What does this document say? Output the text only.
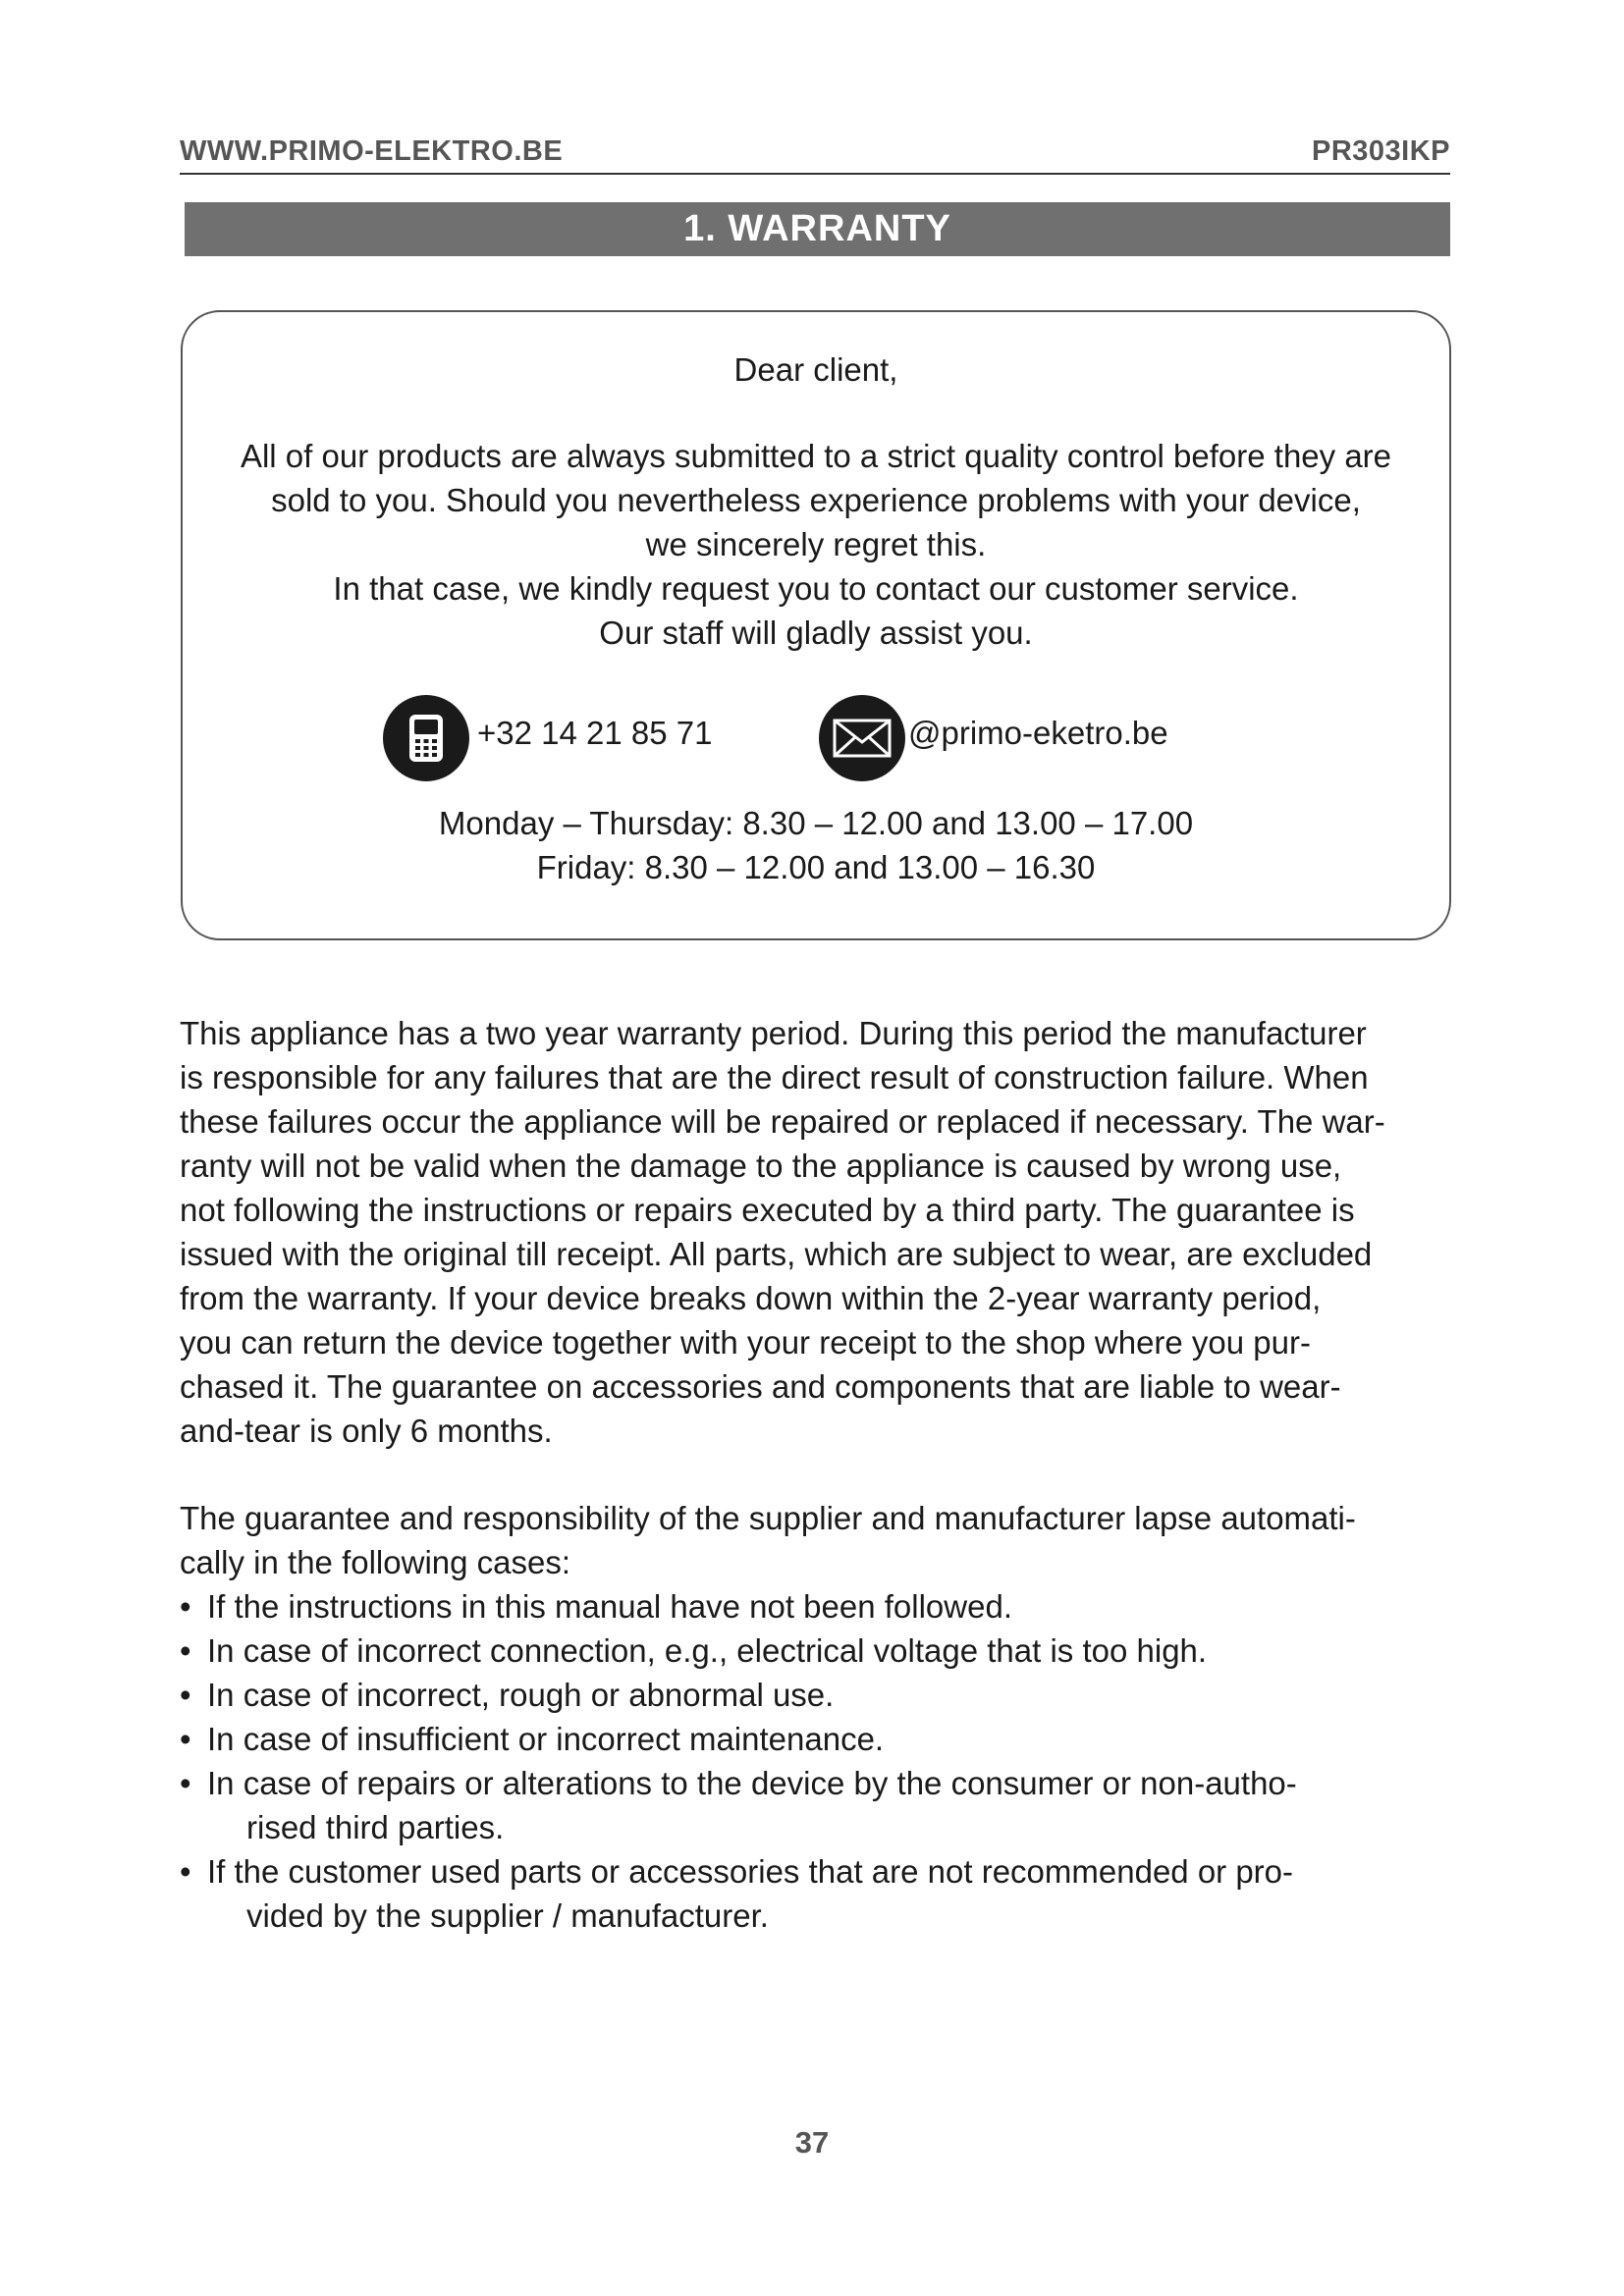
WWW.PRIMO-ELEKTRO.BE	PR303IKP
1. WARRANTY
Dear client,
All of our products are always submitted to a strict quality control before they are
sold to you. Should you nevertheless experience problems with your device,
we sincerely regret this.
In that case, we kindly request you to contact our customer service.
Our staff will gladly assist you.
+32 14 21 85 71	@primo-eketro.be
Monday – Thursday: 8.30 – 12.00 and 13.00 – 17.00
Friday: 8.30 – 12.00 and 13.00 – 16.30
This appliance has a two year warranty period. During this period the manufacturer
is responsible for any failures that are the direct result of construction failure. When
these failures occur the appliance will be repaired or replaced if necessary. The war-
ranty will not be valid when the damage to the appliance is caused by wrong use,
not following the instructions or repairs executed by a third party. The guarantee is
issued with the original till receipt. All parts, which are subject to wear, are excluded
from the warranty. If your device breaks down within the 2-year warranty period,
you can return the device together with your receipt to the shop where you pur-
chased it. The guarantee on accessories and components that are liable to wear-
and-tear is only 6 months.
The guarantee and responsibility of the supplier and manufacturer lapse automati-
cally in the following cases:
• If the instructions in this manual have not been followed.
• In case of incorrect connection, e.g., electrical voltage that is too high.
• In case of incorrect, rough or abnormal use.
• In case of insufficient or incorrect maintenance.
• In case of repairs or alterations to the device by the consumer or non-autho-
rised third parties.
• If the customer used parts or accessories that are not recommended or pro-
vided by the supplier / manufacturer.
37
